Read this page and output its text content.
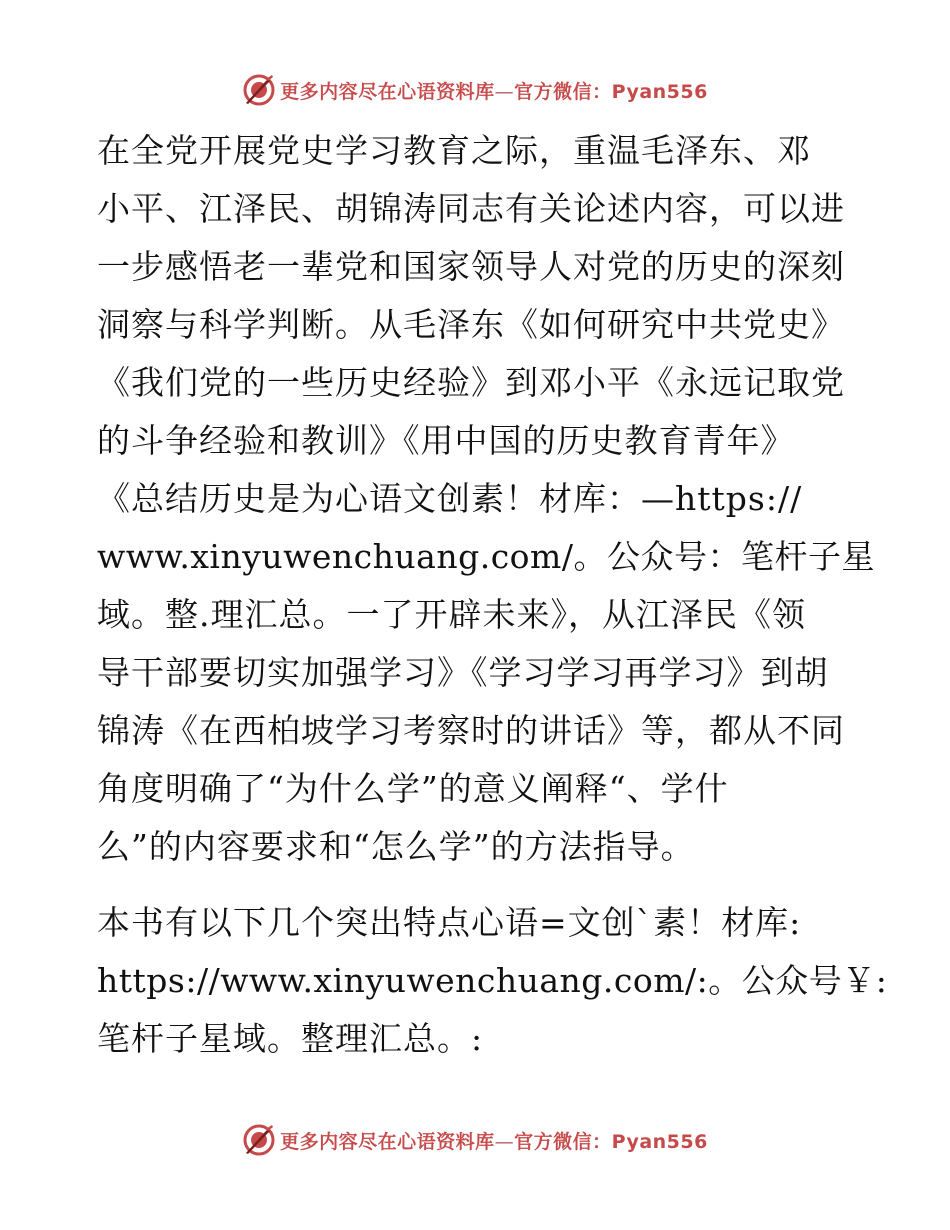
更多内容尽在心语资料库—官方微信：Pyan556
在全党开展党史学习教育之际，重温毛泽东、邓
小平、江泽民、胡锦涛同志有关论述内容，可以进
一步感悟老一辈党和国家领导人对党的历史的深刻
洞察与科学判断。从毛泽东《如何研究中共党史》
《我们党的一些历史经验》到邓小平《永远记取党
的斗争经验和教训》《用中国的历史教育青年》
《总结历史是为心语文创素！材库：—https://
www.xinyuwenchuang.com/。公众号：笔杆子星
域。整.理汇总。一了开辟未来》，从江泽民《领
导干部要切实加强学习》《学习学习再学习》到胡
锦涛《在西柏坡学习考察时的讲话》等，都从不同
角度明确了“为什么学”的意义阐释“、学什
么”的内容要求和“怎么学”的方法指导。
本书有以下几个突出特点心语=文创`素！材库:
https://www.xinyuwenchuang.com/:。公众号￥:
笔杆子星域。整理汇总。:
更多内容尽在心语资料库—官方微信：Pyan556
